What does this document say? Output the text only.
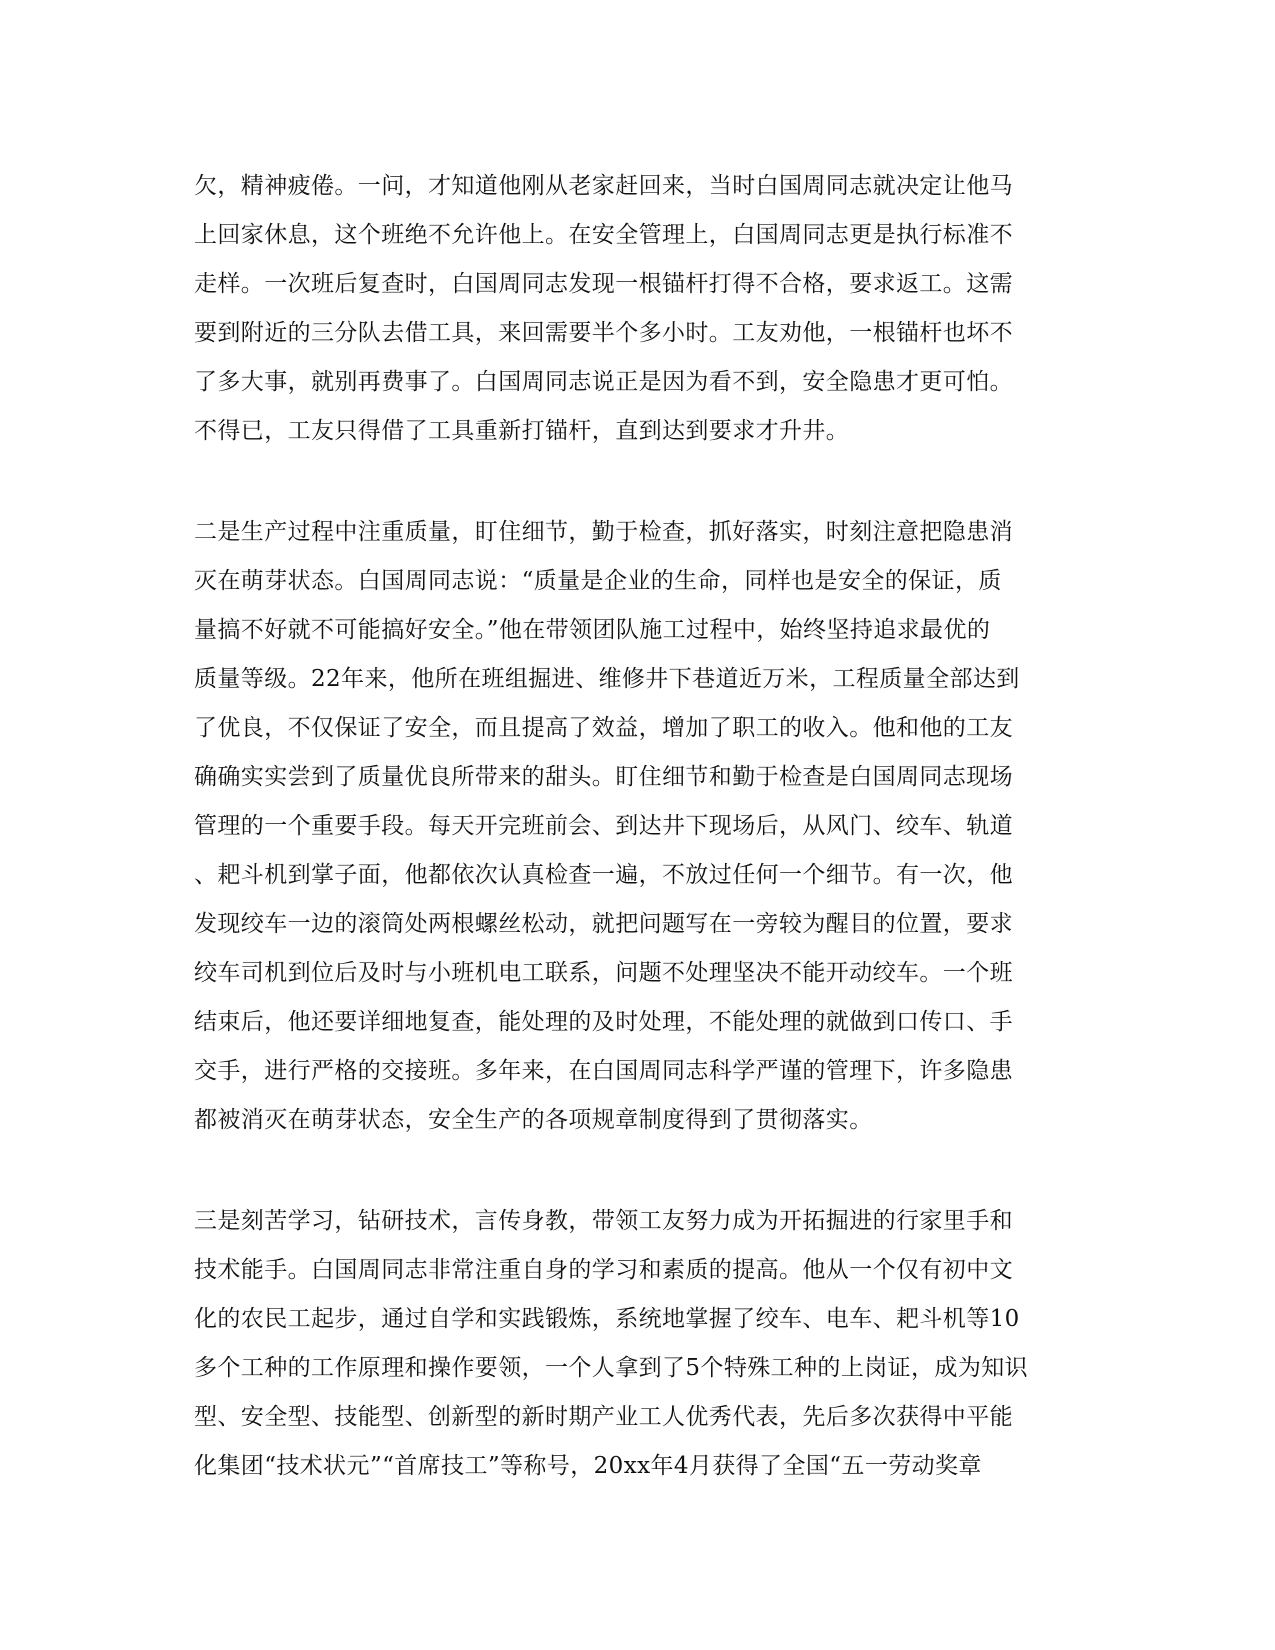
欠，精神疲倦。一问，才知道他刚从老家赶回来，当时白国周同志就决定让他马
上回家休息，这个班绝不允许他上。在安全管理上，白国周同志更是执行标准不
走样。一次班后复查时，白国周同志发现一根锚杆打得不合格，要求返工。这需
要到附近的三分队去借工具，来回需要半个多小时。工友劝他，一根锚杆也坏不
了多大事，就别再费事了。白国周同志说正是因为看不到，安全隐患才更可怕。
不得已，工友只得借了工具重新打锚杆，直到达到要求才升井。
二是生产过程中注重质量，盯住细节，勤于检查，抓好落实，时刻注意把隐患消
灭在萌芽状态。白国周同志说：“质量是企业的生命，同样也是安全的保证，质
量搞不好就不可能搞好安全。”他在带领团队施工过程中，始终坚持追求最优的
质量等级。22年来，他所在班组掘进、维修井下巷道近万米，工程质量全部达到
了优良，不仅保证了安全，而且提高了效益，增加了职工的收入。他和他的工友
确确实实尝到了质量优良所带来的甜头。盯住细节和勤于检查是白国周同志现场
管理的一个重要手段。每天开完班前会、到达井下现场后，从风门、绞车、轨道
、耙斗机到掌子面，他都依次认真检查一遍，不放过任何一个细节。有一次，他
发现绞车一边的滚筒处两根螺丝松动，就把问题写在一旁较为醒目的位置，要求
绞车司机到位后及时与小班机电工联系，问题不处理坚决不能开动绞车。一个班
结束后，他还要详细地复查，能处理的及时处理，不能处理的就做到口传口、手
交手，进行严格的交接班。多年来，在白国周同志科学严谨的管理下，许多隐患
都被消灭在萌芽状态，安全生产的各项规章制度得到了贯彻落实。
三是刻苦学习，钻研技术，言传身教，带领工友努力成为开拓掘进的行家里手和
技术能手。白国周同志非常注重自身的学习和素质的提高。他从一个仅有初中文
化的农民工起步，通过自学和实践锻炼，系统地掌握了绞车、电车、耙斗机等10
多个工种的工作原理和操作要领，一个人拿到了5个特殊工种的上岗证，成为知识
型、安全型、技能型、创新型的新时期产业工人优秀代表，先后多次获得中平能
化集团“技术状元”“首席技工”等称号，20xx年4月获得了全国“五一劳动奖章
